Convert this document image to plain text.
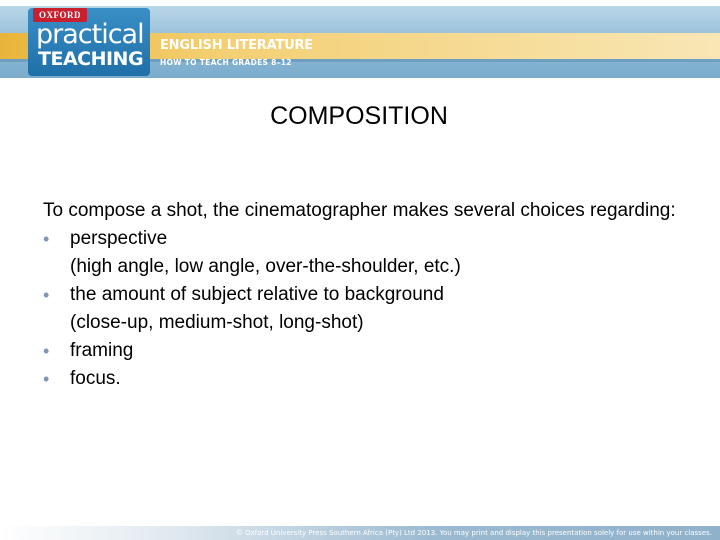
OXFORD
practical
TEACHING
ENGLISH LITERATURE
HOW TO TEACH GRADES 8–12
COMPOSITION

To compose a shot, the cinematographer makes several choices regarding:

• perspective
(high angle, low angle, over-the-shoulder, etc.)
• the amount of subject relative to background
(close-up, medium-shot, long-shot)
• framing
• focus.
© Oxford University Press Southern Africa (Pty) Ltd 2013. You may print and display this presentation solely for use within your classes.
